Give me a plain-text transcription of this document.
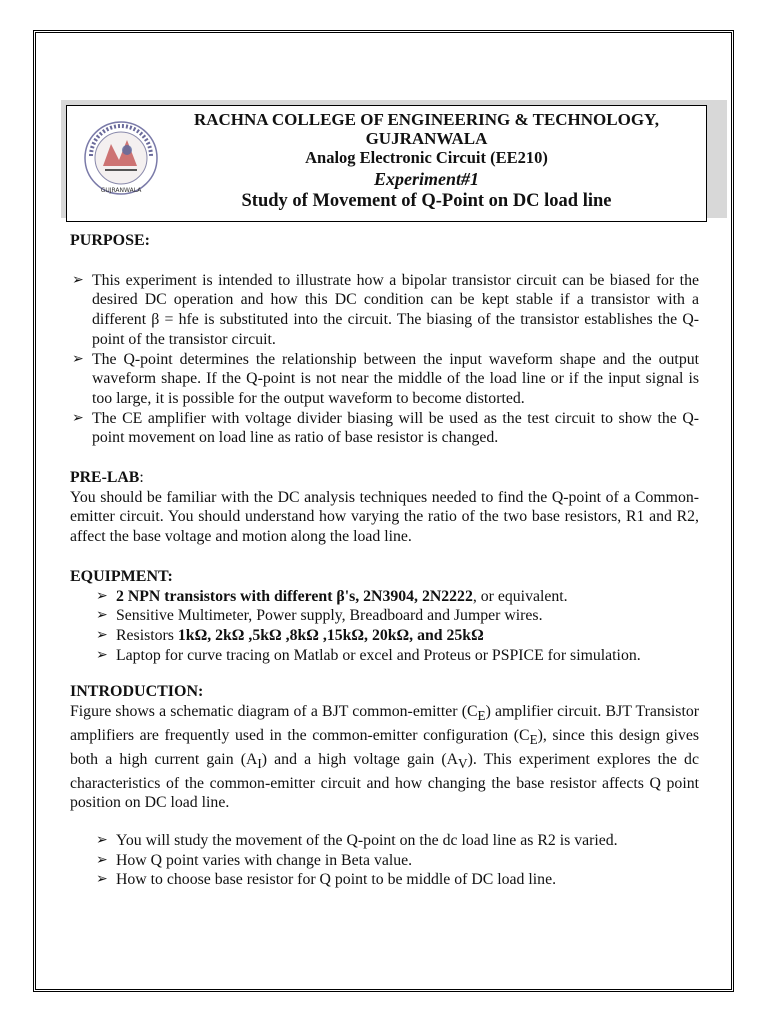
GUJRANWALA
RACHNA COLLEGE OF ENGINEERING & TECHNOLOGY,
GUJRANWALA
Analog Electronic Circuit (EE210)
Experiment#1
Study of Movement of Q-Point on DC load line

PURPOSE:

➢ This experiment is intended to illustrate how a bipolar transistor circuit can be biased for the desired DC operation and how this DC condition can be kept stable if a transistor with a different β = hfe is substituted into the circuit. The biasing of the transistor establishes the Q-point of the transistor circuit.
➢ The Q-point determines the relationship between the input waveform shape and the output waveform shape. If the Q-point is not near the middle of the load line or if the input signal is too large, it is possible for the output waveform to become distorted.
➢ The CE amplifier with voltage divider biasing will be used as the test circuit to show the Q-point movement on load line as ratio of base resistor is changed.

PRE-LAB:

You should be familiar with the DC analysis techniques needed to find the Q-point of a Common-emitter circuit. You should understand how varying the ratio of the two base resistors, R1 and R2, affect the base voltage and motion along the load line.

EQUIPMENT:

➢ 2 NPN transistors with different β's, 2N3904, 2N2222, or equivalent.
➢ Sensitive Multimeter, Power supply, Breadboard and Jumper wires.
➢ Resistors 1kΩ, 2kΩ ,5kΩ ,8kΩ ,15kΩ, 20kΩ, and 25kΩ
➢ Laptop for curve tracing on Matlab or excel and Proteus or PSPICE for simulation.

INTRODUCTION:

Figure shows a schematic diagram of a BJT common-emitter $(C_E)$ amplifier circuit. BJT Transistor amplifiers are frequently used in the common-emitter configuration $(C_E)$, since this design gives both a high current gain $(A_I)$ and a high voltage gain $(A_V)$. This experiment explores the dc characteristics of the common-emitter circuit and how changing the base resistor affects Q point position on DC load line.

➢ You will study the movement of the Q-point on the dc load line as R2 is varied.
➢ How Q point varies with change in Beta value.
➢ How to choose base resistor for Q point to be middle of DC load line.
